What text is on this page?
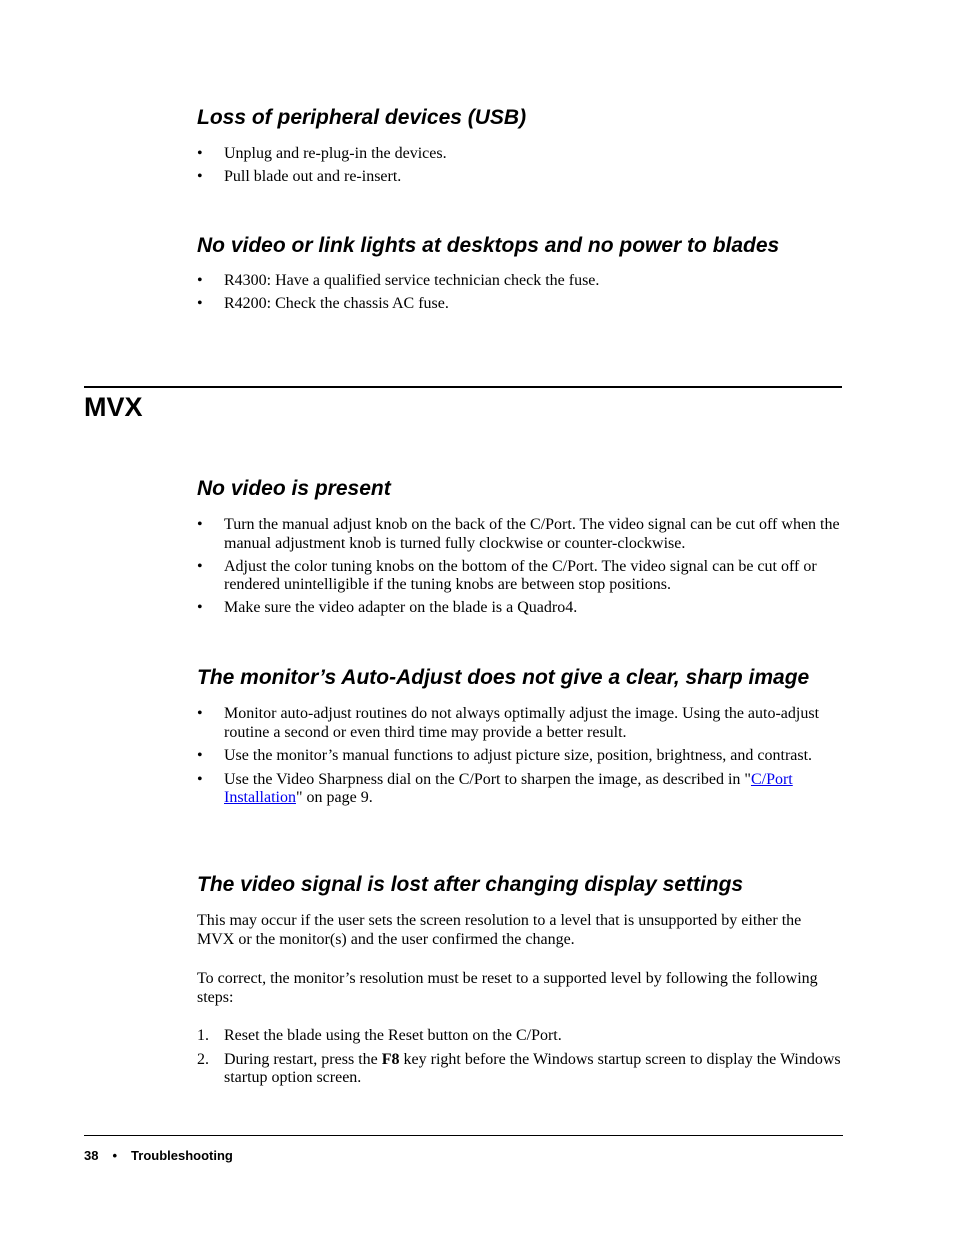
Loss of peripheral devices (USB)
• Unplug and re-plug-in the devices.
• Pull blade out and re-insert.
No video or link lights at desktops and no power to blades
• R4300: Have a qualified service technician check the fuse.
• R4200: Check the chassis AC fuse.
MVX
No video is present
• Turn the manual adjust knob on the back of the C/Port. The video signal can be cut off when the manual adjustment knob is turned fully clockwise or counter-clockwise.
• Adjust the color tuning knobs on the bottom of the C/Port. The video signal can be cut off or rendered unintelligible if the tuning knobs are between stop positions.
• Make sure the video adapter on the blade is a Quadro4.
The monitor’s Auto-Adjust does not give a clear, sharp image
• Monitor auto-adjust routines do not always optimally adjust the image. Using the auto-adjust routine a second or even third time may provide a better result.
• Use the monitor’s manual functions to adjust picture size, position, brightness, and contrast.
• Use the Video Sharpness dial on the C/Port to sharpen the image, as described in "C/Port Installation" on page 9.
The video signal is lost after changing display settings

This may occur if the user sets the screen resolution to a level that is unsupported by either the MVX or the monitor(s) and the user confirmed the change.

To correct, the monitor’s resolution must be reset to a supported level by following the following steps:

1. Reset the blade using the Reset button on the C/Port.
2. During restart, press the F8 key right before the Windows startup screen to display the Windows startup option screen.
38 • Troubleshooting
